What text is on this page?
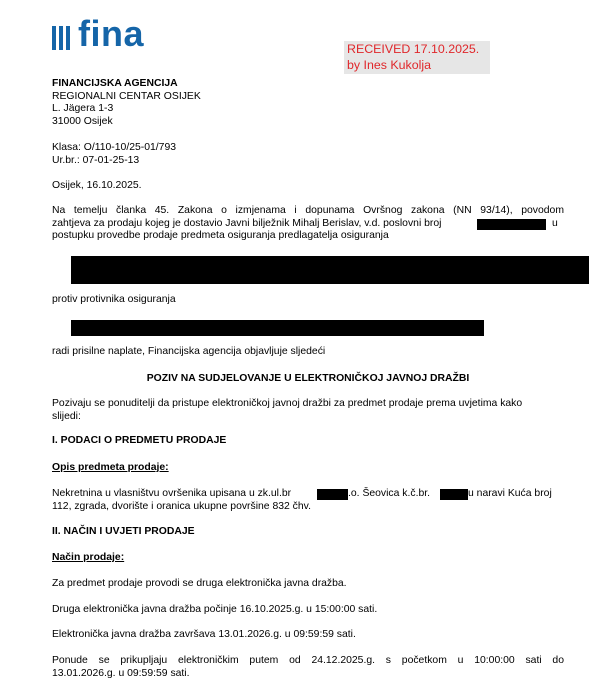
fina	RECEIVED 17.10.2025.
by Ines Kukolja
FINANCIJSKA AGENCIJA
REGIONALNI CENTAR OSIJEK
L. Jägera 1-3
31000 Osijek
Klasa: O/110-10/25-01/793
Ur.br.: 07-01-25-13
Osijek, 16.10.2025.
Na temelju članka 45. Zakona o izmjenama i dopunama Ovršnog zakona (NN 93/14), povodom
zahtjeva za prodaju kojeg je dostavio Javni bilježnik Mihalj Berislav, v.d. poslovni broj	u
postupku provedbe prodaje predmeta osiguranja predlagatelja osiguranja
protiv protivnika osiguranja
radi prisilne naplate, Financijska agencija objavljuje sljedeći
POZIV NA SUDJELOVANJE U ELEKTRONIČKOJ JAVNOJ DRAŽBI
Pozivaju se ponuditelji da pristupe elektroničkoj javnoj dražbi za predmet prodaje prema uvjetima kako
slijedi:
I. PODACI O PREDMETU PRODAJE
Opis predmeta prodaje:
Nekretnina u vlasništvu ovršenika upisana u zk.ul.br	.o. Šeovica k.č.br.	u naravi Kuća broj
112, zgrada, dvorište i oranica ukupne površine 832 čhv.
II. NAČIN I UVJETI PRODAJE
Način prodaje:
Za predmet prodaje provodi se druga elektronička javna dražba.
Druga elektronička javna dražba počinje 16.10.2025.g. u 15:00:00 sati.
Elektronička javna dražba završava 13.01.2026.g. u 09:59:59 sati.
Ponude se prikupljaju elektroničkim putem od 24.12.2025.g. s početkom u 10:00:00 sati do
13.01.2026.g. u 09:59:59 sati.
